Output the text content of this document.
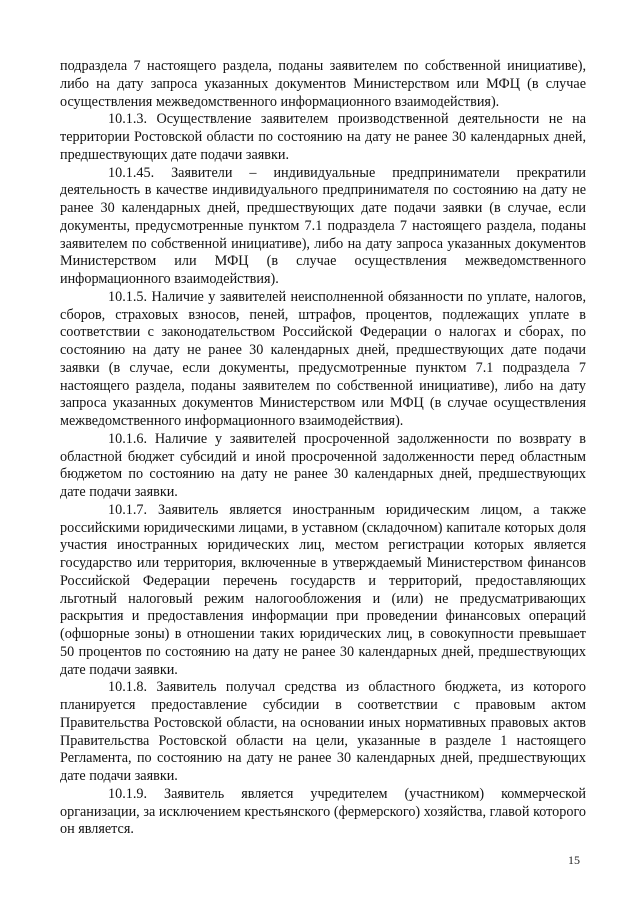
подраздела 7 настоящего раздела, поданы заявителем по собственной инициативе), либо на дату запроса указанных документов Министерством или МФЦ (в случае осуществления межведомственного информационного взаимодействия).

10.1.3. Осуществление заявителем производственной деятельности не на территории Ростовской области по состоянию на дату не ранее 30 календарных дней, предшествующих дате подачи заявки.

10.1.45. Заявители – индивидуальные предприниматели прекратили деятельность в качестве индивидуального предпринимателя по состоянию на дату не ранее 30 календарных дней, предшествующих дате подачи заявки (в случае, если документы, предусмотренные пунктом 7.1 подраздела 7 настоящего раздела, поданы заявителем по собственной инициативе), либо на дату запроса указанных документов Министерством или МФЦ (в случае осуществления межведомственного информационного взаимодействия).

10.1.5. Наличие у заявителей неисполненной обязанности по уплате, налогов, сборов, страховых взносов, пеней, штрафов, процентов, подлежащих уплате в соответствии с законодательством Российской Федерации о налогах и сборах, по состоянию на дату не ранее 30 календарных дней, предшествующих дате подачи заявки (в случае, если документы, предусмотренные пунктом 7.1 подраздела 7 настоящего раздела, поданы заявителем по собственной инициативе), либо на дату запроса указанных документов Министерством или МФЦ (в случае осуществления межведомственного информационного взаимодействия).

10.1.6. Наличие у заявителей просроченной задолженности по возврату в областной бюджет субсидий и иной просроченной задолженности перед областным бюджетом по состоянию на дату не ранее 30 календарных дней, предшествующих дате подачи заявки.

10.1.7. Заявитель является иностранным юридическим лицом, а также российскими юридическими лицами, в уставном (складочном) капитале которых доля участия иностранных юридических лиц, местом регистрации которых является государство или территория, включенные в утверждаемый Министерством финансов Российской Федерации перечень государств и территорий, предоставляющих льготный налоговый режим налогообложения и (или) не предусматривающих раскрытия и предоставления информации при проведении финансовых операций (офшорные зоны) в отношении таких юридических лиц, в совокупности превышает 50 процентов по состоянию на дату не ранее 30 календарных дней, предшествующих дате подачи заявки.

10.1.8. Заявитель получал средства из областного бюджета, из которого планируется предоставление субсидии в соответствии с правовым актом Правительства Ростовской области, на основании иных нормативных правовых актов Правительства Ростовской области на цели, указанные в разделе 1 настоящего Регламента, по состоянию на дату не ранее 30 календарных дней, предшествующих дате подачи заявки.

10.1.9. Заявитель является учредителем (участником) коммерческой организации, за исключением крестьянского (фермерского) хозяйства, главой которого он является.

15
